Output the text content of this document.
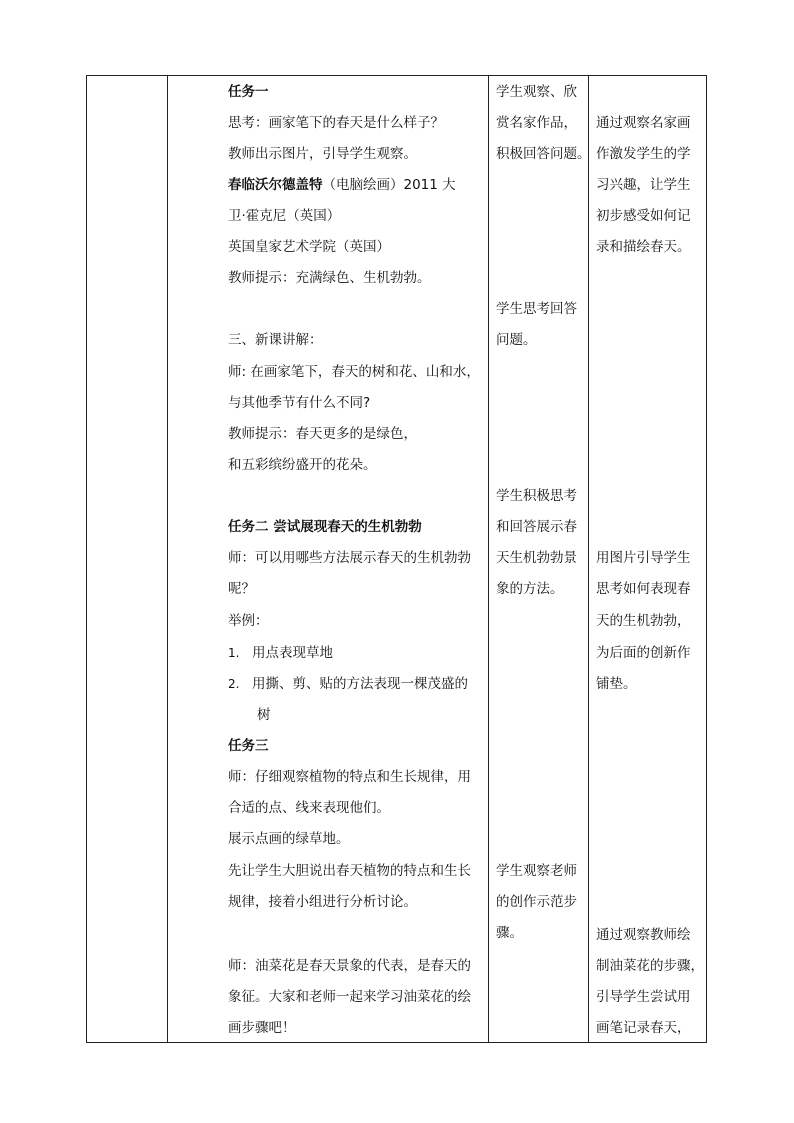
任务一
思考：画家笔下的春天是什么样子？
教师出示图片，引导学生观察。
春临沃尔德盖特（电脑绘画）2011 大
卫·霍克尼（英国）
英国皇家艺术学院（英国）
教师提示：充满绿色、生机勃勃。
三、新课讲解：
师: 在画家笔下，春天的树和花、山和水，
与其他季节有什么不同?
教师提示：春天更多的是绿色，
和五彩缤纷盛开的花朵。
任务二 尝试展现春天的生机勃勃
师：可以用哪些方法展示春天的生机勃勃
呢？
举例：
1. 用点表现草地
2. 用撕、剪、贴的方法表现一棵茂盛的
树
任务三
师：仔细观察植物的特点和生长规律，用
合适的点、线来表现他们。
展示点画的绿草地。
先让学生大胆说出春天植物的特点和生长
规律，接着小组进行分析讨论。
师：油菜花是春天景象的代表，是春天的
象征。大家和老师一起来学习油菜花的绘
画步骤吧！
学生观察、欣
赏名家作品，
积极回答问题。
学生思考回答
问题。
学生积极思考
和回答展示春
天生机勃勃景
象的方法。
学生观察老师
的创作示范步
骤。
通过观察名家画
作激发学生的学
习兴趣，让学生
初步感受如何记
录和描绘春天。
用图片引导学生
思考如何表现春
天的生机勃勃，
为后面的创新作
铺垫。
通过观察教师绘
制油菜花的步骤，
引导学生尝试用
画笔记录春天，
